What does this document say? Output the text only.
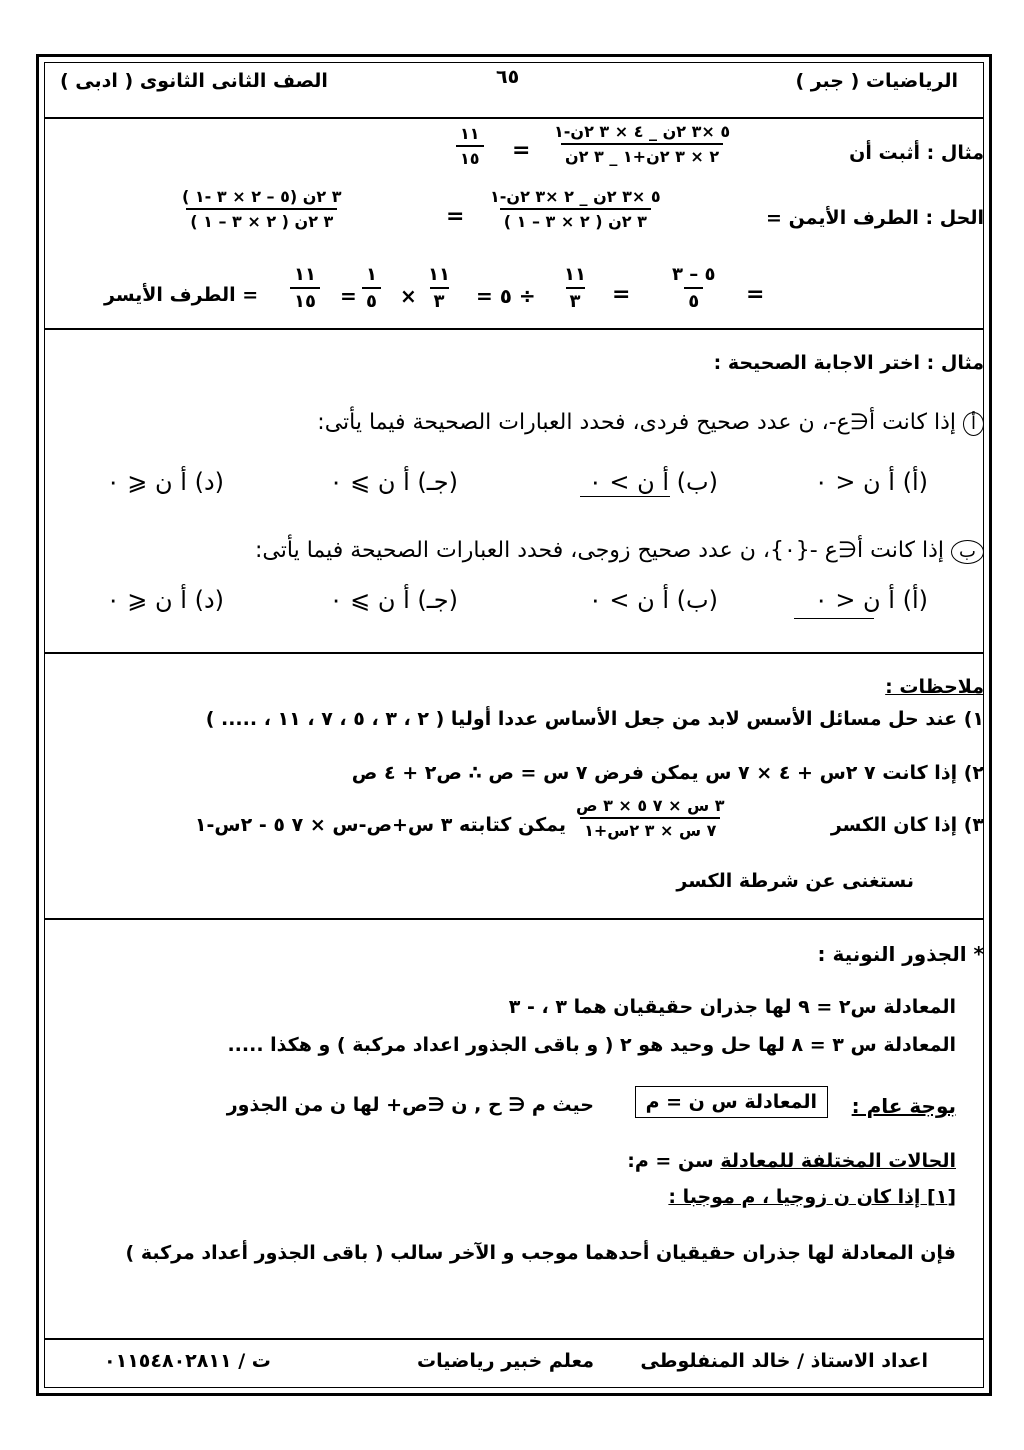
الرياضيات ( جبر )
٦٥
الصف الثانى الثانوى ( ادبى )
مثال : أثبت أن
٥ ×٣ ٢ن _ ٤ × ٣ ٢ن-١
٢ × ٣ ٢ن+١ _ ٣ ٢ن
=
١١
١٥
الحل : الطرف الأيمن =
٥ ×٣ ٢ن _ ٢ ×٣ ٢ن-١
٣ ٢ن ( ٢ × ٣ – ١ )
=
٣ ٢ن (٥ – ٢ × ٣ -١ )
٣ ٢ن ( ٢ × ٣ – ١ )
=
٥ – ٣
٥
=
١١
٣
÷ ٥ =
١١
٣
×
١
٥
=
١١
١٥
= الطرف الأيسر
مثال : اختر الاجابة الصحيحة :
أ إذا كانت أ∈ع-، ن عدد صحيح فردى، فحدد العبارات الصحيحة فيما يأتى:
(أ) أ ن < ٠
(ب) أ ن > ٠
(جـ) أ ن ⩾ ٠
(د) أ ن ⩽ ٠
ب إذا كانت أ∈ع -{٠}، ن عدد صحيح زوجى، فحدد العبارات الصحيحة فيما يأتى:
(أ) أ ن < ٠
(ب) أ ن > ٠
(جـ) أ ن ⩾ ٠
(د) أ ن ⩽ ٠
ملاحظات :
١) عند حل مسائل الأسس لابد من جعل الأساس عددا أوليا ( ٢ ، ٣ ، ٥ ، ٧ ، ١١ ، ..... )
٢) إذا كانت ٧ ٢س + ٤ × ٧ س يمكن فرض ٧ س = ص ∴ ص٢ + ٤ ص
٣) إذا كان الكسر
٣ س × ٧ ٥ × ٣ ص
٧ س × ٣ ٢س+١
يمكن كتابته ٣ س+ص-س × ٧ ٥ - ٢س-١
نستغنى عن شرطة الكسر
* الجذور النونية :
المعادلة س٢ = ٩ لها جذران حقيقيان هما ٣ ، - ٣
المعادلة س ٣ = ٨ لها حل وحيد هو ٢ ( و باقى الجذور اعداد مركبة ) و هكذا .....
بوجة عام :
المعادلة س ن = م
حيث م ∈ ح , ن ∈ص+ لها ن من الجذور
الحالات المختلفة للمعادلة سن = م:
[١] إذا كان ن زوجيا ، م موجبا :
فإن المعادلة لها جذران حقيقيان أحدهما موجب و الآخر سالب ( باقى الجذور أعداد مركبة )
اعداد الاستاذ / خالد المنفلوطى
معلم خبير رياضيات
ت / ٠١١٥٤٨٠٢٨١١
